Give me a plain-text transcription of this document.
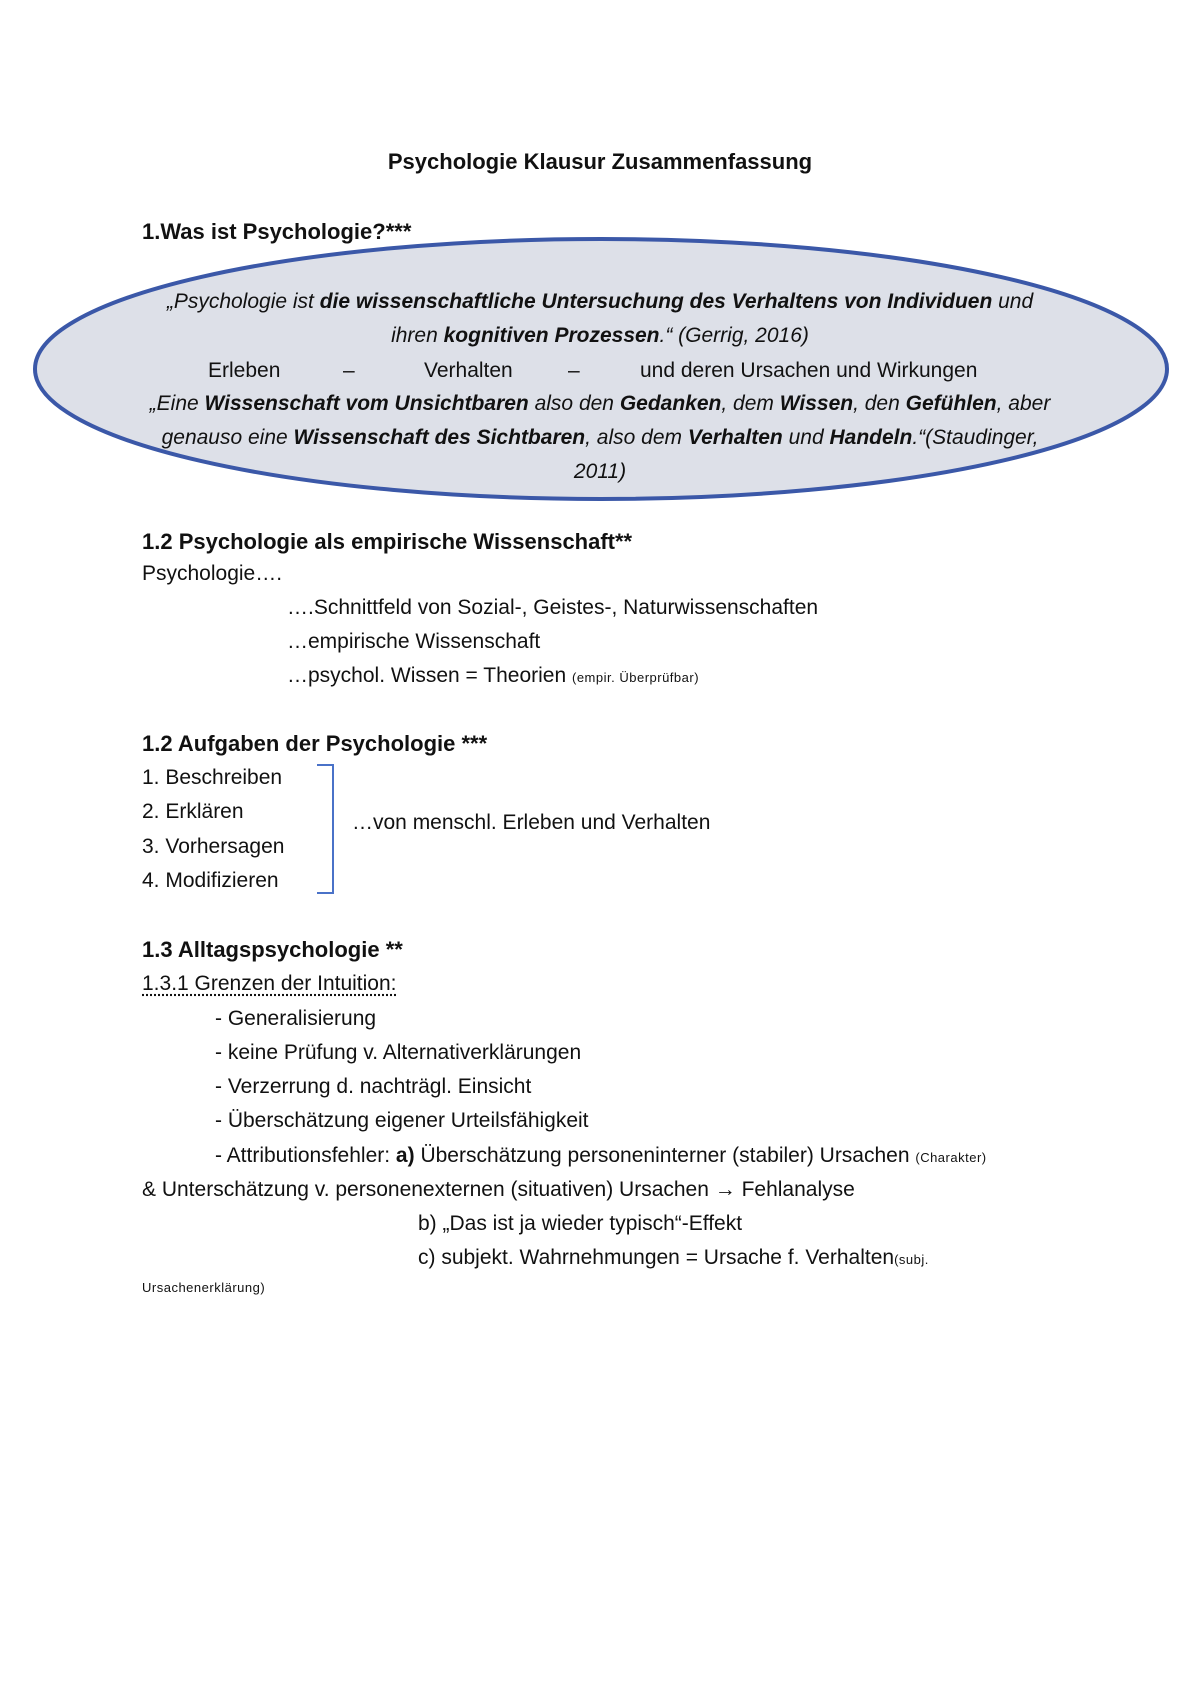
Psychologie Klausur Zusammenfassung
1.Was ist Psychologie?***
„Psychologie ist die wissenschaftliche Untersuchung des Verhaltens von Individuen und
ihren kognitiven Prozessen.“ (Gerrig, 2016)
Erleben	–	Verhalten	–	und deren Ursachen und Wirkungen
„Eine Wissenschaft vom Unsichtbaren also den Gedanken, dem Wissen, den Gefühlen, aber
genauso eine Wissenschaft des Sichtbaren, also dem Verhalten und Handeln.“(Staudinger,
2011)
1.2 Psychologie als empirische Wissenschaft**
Psychologie….
….Schnittfeld von Sozial-, Geistes-, Naturwissenschaften
…empirische Wissenschaft
…psychol. Wissen = Theorien (empir. Überprüfbar)
1.2 Aufgaben der Psychologie ***
1. Beschreiben
2. Erklären
3. Vorhersagen
4. Modifizieren
…von menschl. Erleben und Verhalten
1.3 Alltagspsychologie **
1.3.1 Grenzen der Intuition:
- Generalisierung
- keine Prüfung v. Alternativerklärungen
- Verzerrung d. nachträgl. Einsicht
- Überschätzung eigener Urteilsfähigkeit
- Attributionsfehler: a) Überschätzung personeninterner (stabiler) Ursachen (Charakter)
& Unterschätzung v. personenexternen (situativen) Ursachen → Fehlanalyse
b) „Das ist ja wieder typisch“-Effekt
c) subjekt. Wahrnehmungen = Ursache f. Verhalten(subj.
Ursachenerklärung)
